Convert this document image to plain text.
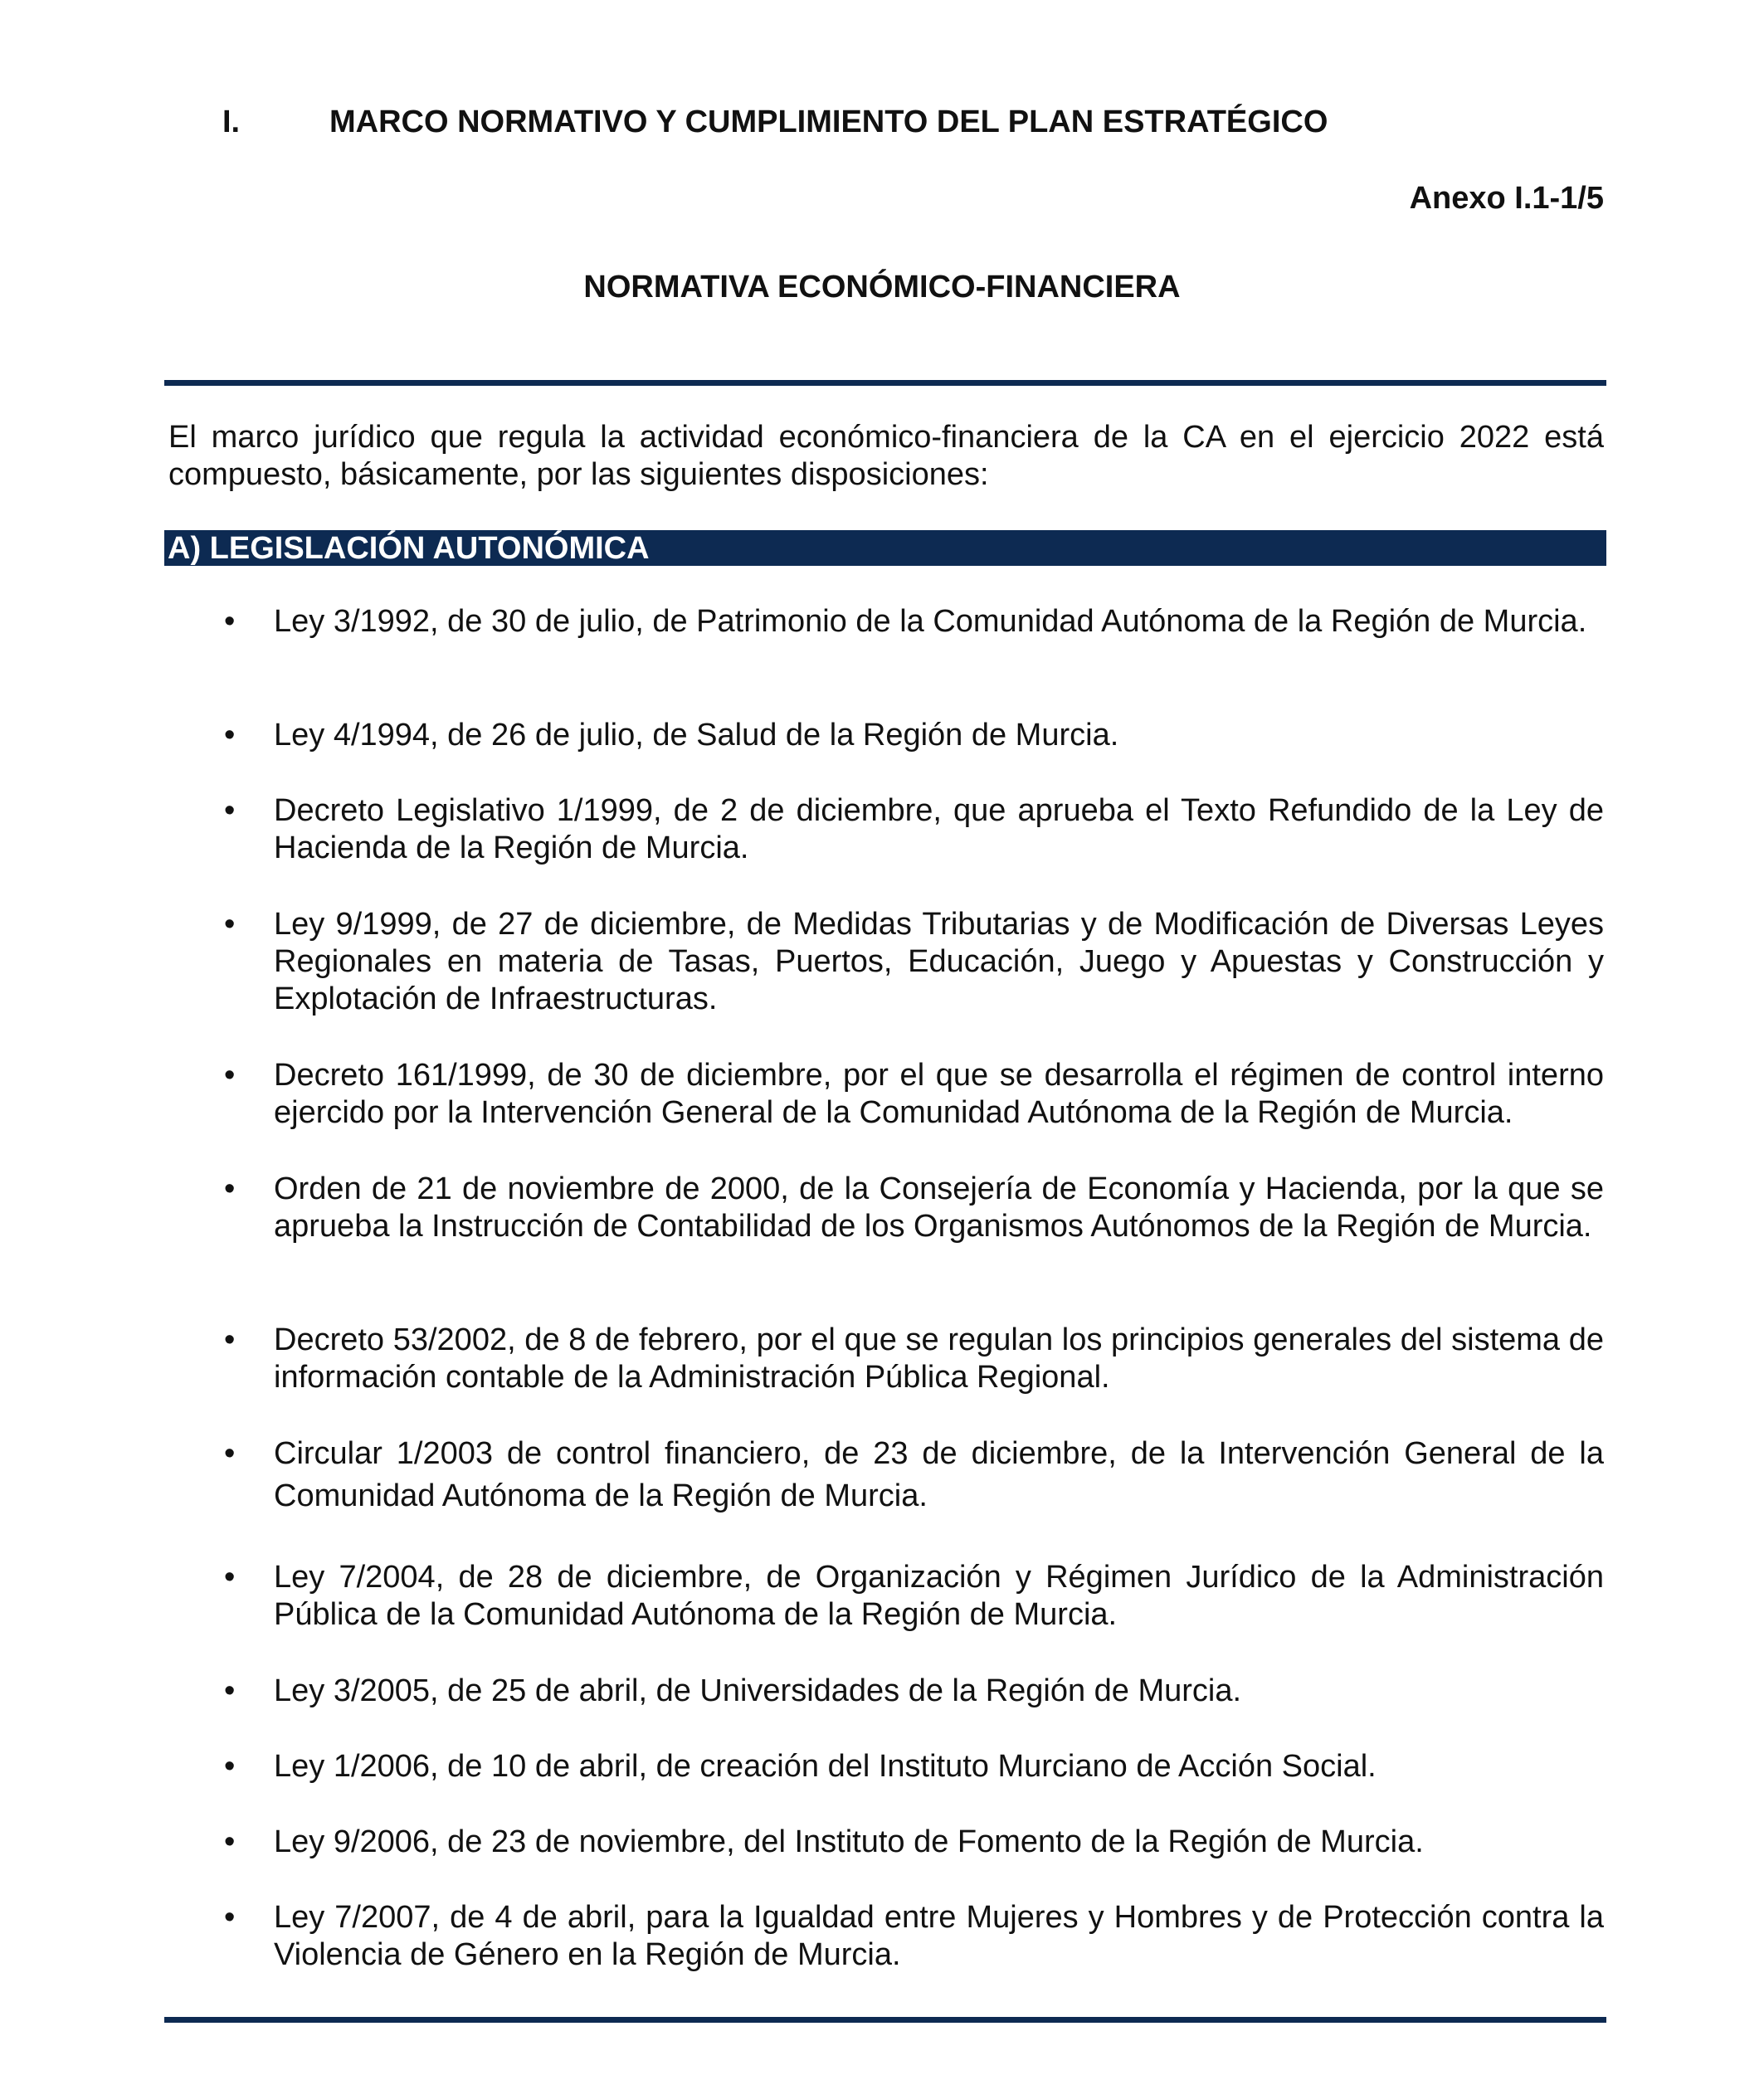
I.	MARCO NORMATIVO Y CUMPLIMIENTO DEL PLAN ESTRATÉGICO
Anexo I.1-1/5
NORMATIVA ECONÓMICO-FINANCIERA

El marco jurídico que regula la actividad económico-financiera de la CA en el ejercicio 2022 está compuesto, básicamente, por las siguientes disposiciones:

A) LEGISLACIÓN AUTONÓMICA
•	Ley 3/1992, de 30 de julio, de Patrimonio de la Comunidad Autónoma de la Región de Murcia.
•	Ley 4/1994, de 26 de julio, de Salud de la Región de Murcia.
•	Decreto Legislativo 1/1999, de 2 de diciembre, que aprueba el Texto Refundido de la Ley de Hacienda de la Región de Murcia.
•	Ley 9/1999, de 27 de diciembre, de Medidas Tributarias y de Modificación de Diversas Leyes Regionales en materia de Tasas, Puertos, Educación, Juego y Apuestas y Construcción y Explotación de Infraestructuras.
•	Decreto 161/1999, de 30 de diciembre, por el que se desarrolla el régimen de control interno ejercido por la Intervención General de la Comunidad Autónoma de la Región de Murcia.
•	Orden de 21 de noviembre de 2000, de la Consejería de Economía y Hacienda, por la que se aprueba la Instrucción de Contabilidad de los Organismos Autónomos de la Región de Murcia.
•	Decreto 53/2002, de 8 de febrero, por el que se regulan los principios generales del sistema de información contable de la Administración Pública Regional.
•	Circular 1/2003 de control financiero, de 23 de diciembre, de la Intervención General de la Comunidad Autónoma de la Región de Murcia.
•	Ley 7/2004, de 28 de diciembre, de Organización y Régimen Jurídico de la Administración Pública de la Comunidad Autónoma de la Región de Murcia.
•	Ley 3/2005, de 25 de abril, de Universidades de la Región de Murcia.
•	Ley 1/2006, de 10 de abril, de creación del Instituto Murciano de Acción Social.
•	Ley 9/2006, de 23 de noviembre, del Instituto de Fomento de la Región de Murcia.
•	Ley 7/2007, de 4 de abril, para la Igualdad entre Mujeres y Hombres y de Protección contra la Violencia de Género en la Región de Murcia.
